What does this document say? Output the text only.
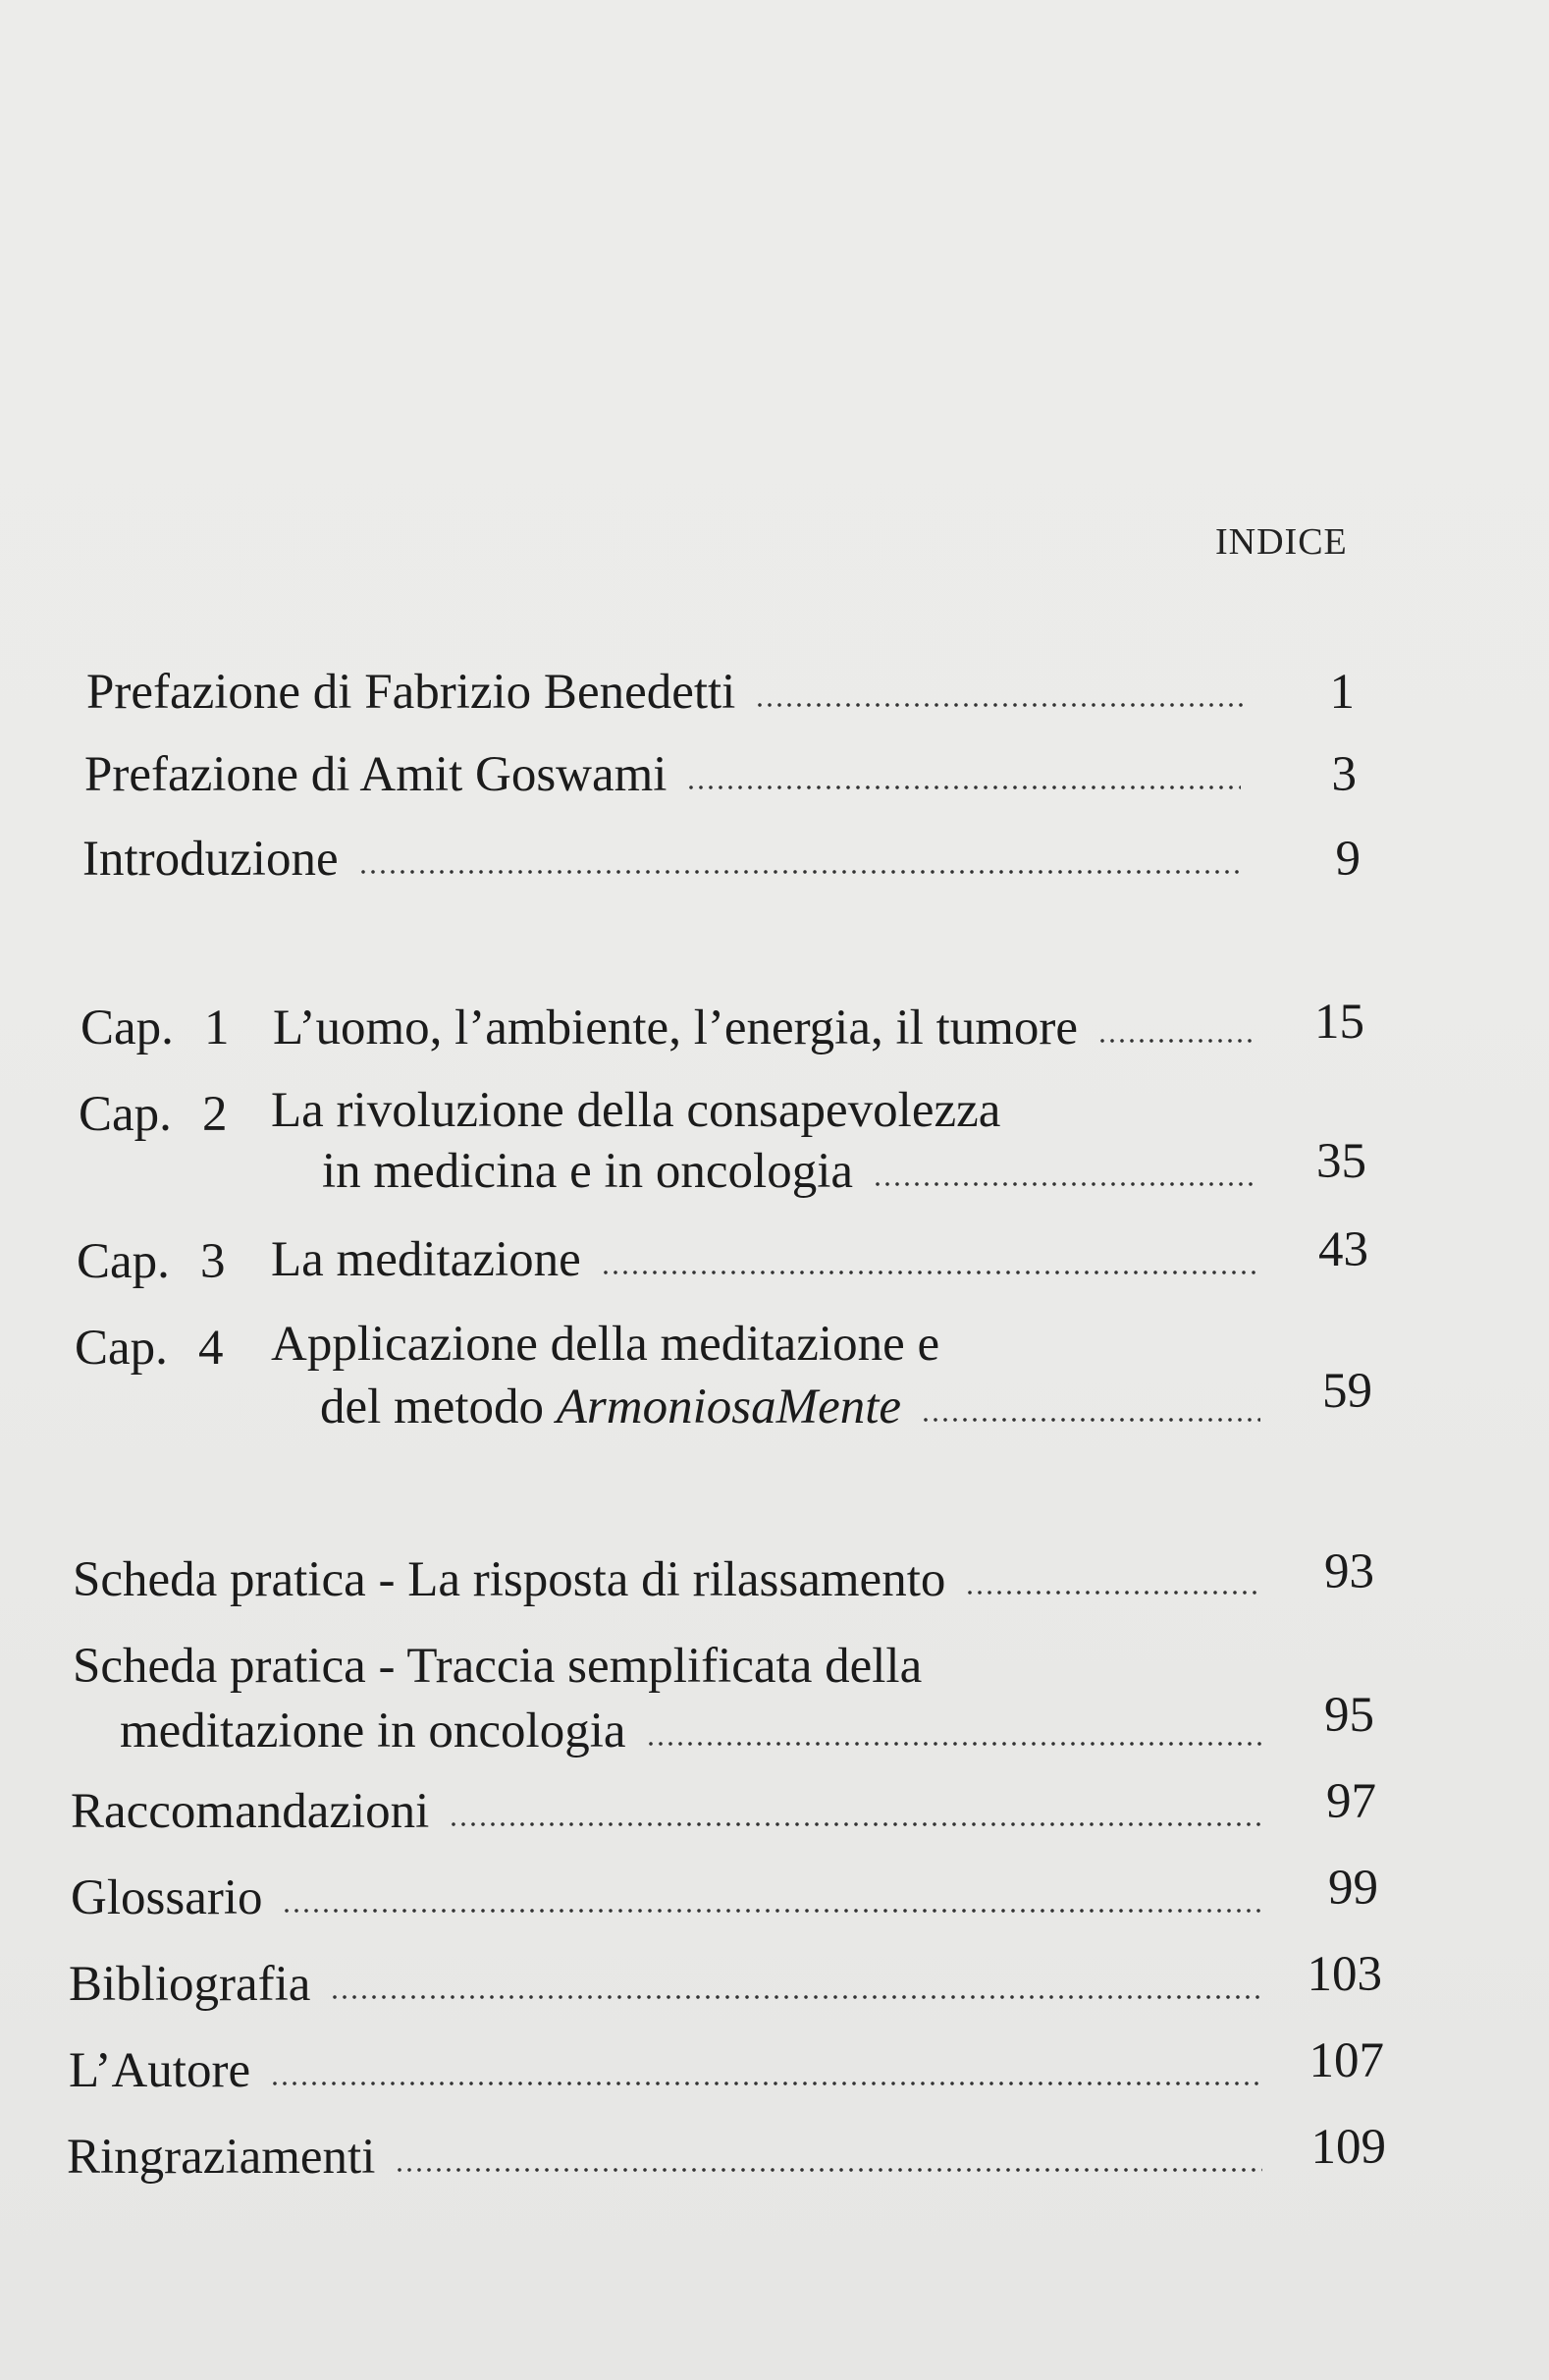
INDICE
Prefazione di Fabrizio Benedetti	1
Prefazione di Amit Goswami	3
Introduzione	9
Cap. 1 L’uomo, l’ambiente, l’energia, il tumore	15
Cap. 2 La rivoluzione della consapevolezza
in medicina e in oncologia	35
Cap. 3 La meditazione	43
Cap. 4 Applicazione della meditazione e
del metodo ArmoniosaMente	59
Scheda pratica - La risposta di rilassamento	93
Scheda pratica - Traccia semplificata della
meditazione in oncologia	95
Raccomandazioni	97
Glossario	99
Bibliografia	103
L’Autore	107
Ringraziamenti	109
